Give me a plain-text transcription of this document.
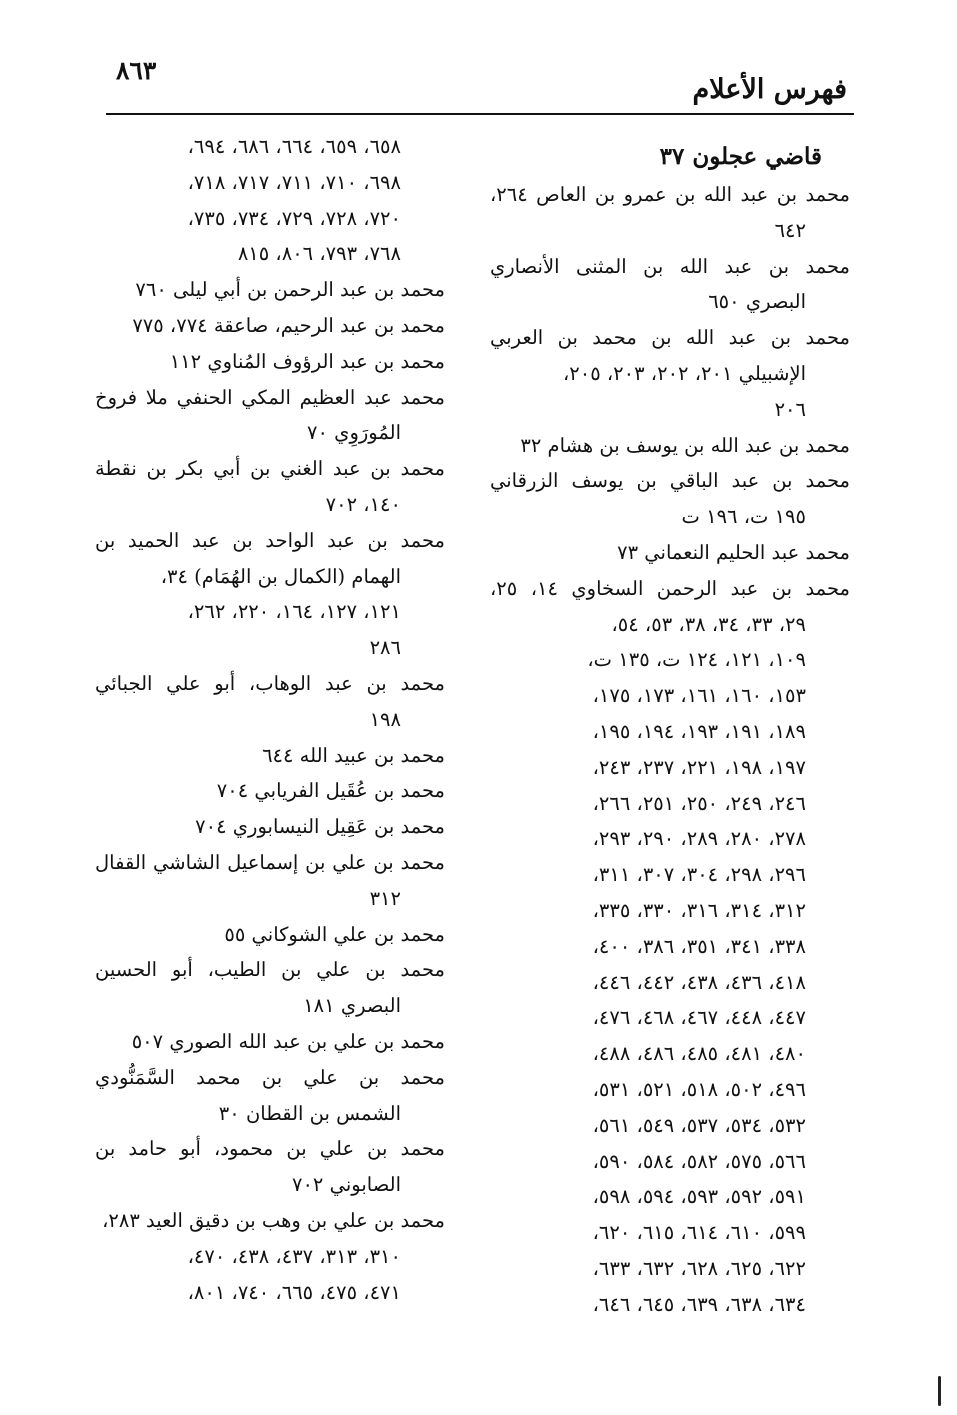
فهرس الأعلام
٨٦٣
قاضي عجلون ٣٧
محمد بن عبد الله بن عمرو بن العاص ٢٦٤،
٦٤٢
محمد بن عبد الله بن المثنى الأنصاري
البصري ٦٥٠
محمد بن عبد الله بن محمد بن العربي
الإشبيلي ٢٠١، ٢٠٢، ٢٠٣، ٢٠٥،
٢٠٦
محمد بن عبد الله بن يوسف بن هشام ٣٢
محمد بن عبد الباقي بن يوسف الزرقاني
١٩٥ ت، ١٩٦ ت
محمد عبد الحليم النعماني ٧٣
محمد بن عبد الرحمن السخاوي ١٤، ٢٥،
٢٩، ٣٣، ٣٤، ٣٨، ٥٣، ٥٤،
١٠٩، ١٢١، ١٢٤ ت، ١٣٥ ت،
١٥٣، ١٦٠، ١٦١، ١٧٣، ١٧٥،
١٨٩، ١٩١، ١٩٣، ١٩٤، ١٩٥،
١٩٧، ١٩٨، ٢٢١، ٢٣٧، ٢٤٣،
٢٤٦، ٢٤٩، ٢٥٠، ٢٥١، ٢٦٦،
٢٧٨، ٢٨٠، ٢٨٩، ٢٩٠، ٢٩٣،
٢٩٦، ٢٩٨، ٣٠٤، ٣٠٧، ٣١١،
٣١٢، ٣١٤، ٣١٦، ٣٣٠، ٣٣٥،
٣٣٨، ٣٤١، ٣٥١، ٣٨٦، ٤٠٠،
٤١٨، ٤٣٦، ٤٣٨، ٤٤٢، ٤٤٦،
٤٤٧، ٤٤٨، ٤٦٧، ٤٦٨، ٤٧٦،
٤٨٠، ٤٨١، ٤٨٥، ٤٨٦، ٤٨٨،
٤٩٦، ٥٠٢، ٥١٨، ٥٢١، ٥٣١،
٥٣٢، ٥٣٤، ٥٣٧، ٥٤٩، ٥٦١،
٥٦٦، ٥٧٥، ٥٨٢، ٥٨٤، ٥٩٠،
٥٩١، ٥٩٢، ٥٩٣، ٥٩٤، ٥٩٨،
٥٩٩، ٦١٠، ٦١٤، ٦١٥، ٦٢٠،
٦٢٢، ٦٢٥، ٦٢٨، ٦٣٢، ٦٣٣،
٦٣٤، ٦٣٨، ٦٣٩، ٦٤٥، ٦٤٦،
٦٥٨، ٦٥٩، ٦٦٤، ٦٨٦، ٦٩٤،
٦٩٨، ٧١٠، ٧١١، ٧١٧، ٧١٨،
٧٢٠، ٧٢٨، ٧٢٩، ٧٣٤، ٧٣٥،
٧٦٨، ٧٩٣، ٨٠٦، ٨١٥
محمد بن عبد الرحمن بن أبي ليلى ٧٦٠
محمد بن عبد الرحيم، صاعقة ٧٧٤، ٧٧٥
محمد بن عبد الرؤوف المُناوي ١١٢
محمد عبد العظيم المكي الحنفي ملا فروخ
المُورَوِي ٧٠
محمد بن عبد الغني بن أبي بكر بن نقطة
١٤٠، ٧٠٢
محمد بن عبد الواحد بن عبد الحميد بن
الهمام (الكمال بن الهُمَام) ٣٤،
١٢١، ١٢٧، ١٦٤، ٢٢٠، ٢٦٢،
٢٨٦
محمد بن عبد الوهاب، أبو علي الجبائي
١٩٨
محمد بن عبيد الله ٦٤٤
محمد بن عُقَيل الفريابي ٧٠٤
محمد بن عَقِيل النيسابوري ٧٠٤
محمد بن علي بن إسماعيل الشاشي القفال
٣١٢
محمد بن علي الشوكاني ٥٥
محمد بن علي بن الطيب، أبو الحسين
البصري ١٨١
محمد بن علي بن عبد الله الصوري ٥٠٧
محمد بن علي بن محمد السَّمَنُّودي
الشمس بن القطان ٣٠
محمد بن علي بن محمود، أبو حامد بن
الصابوني ٧٠٢
محمد بن علي بن وهب بن دقيق العيد ٢٨٣،
٣١٠، ٣١٣، ٤٣٧، ٤٣٨، ٤٧٠،
٤٧١، ٤٧٥، ٦٦٥، ٧٤٠، ٨٠١،
